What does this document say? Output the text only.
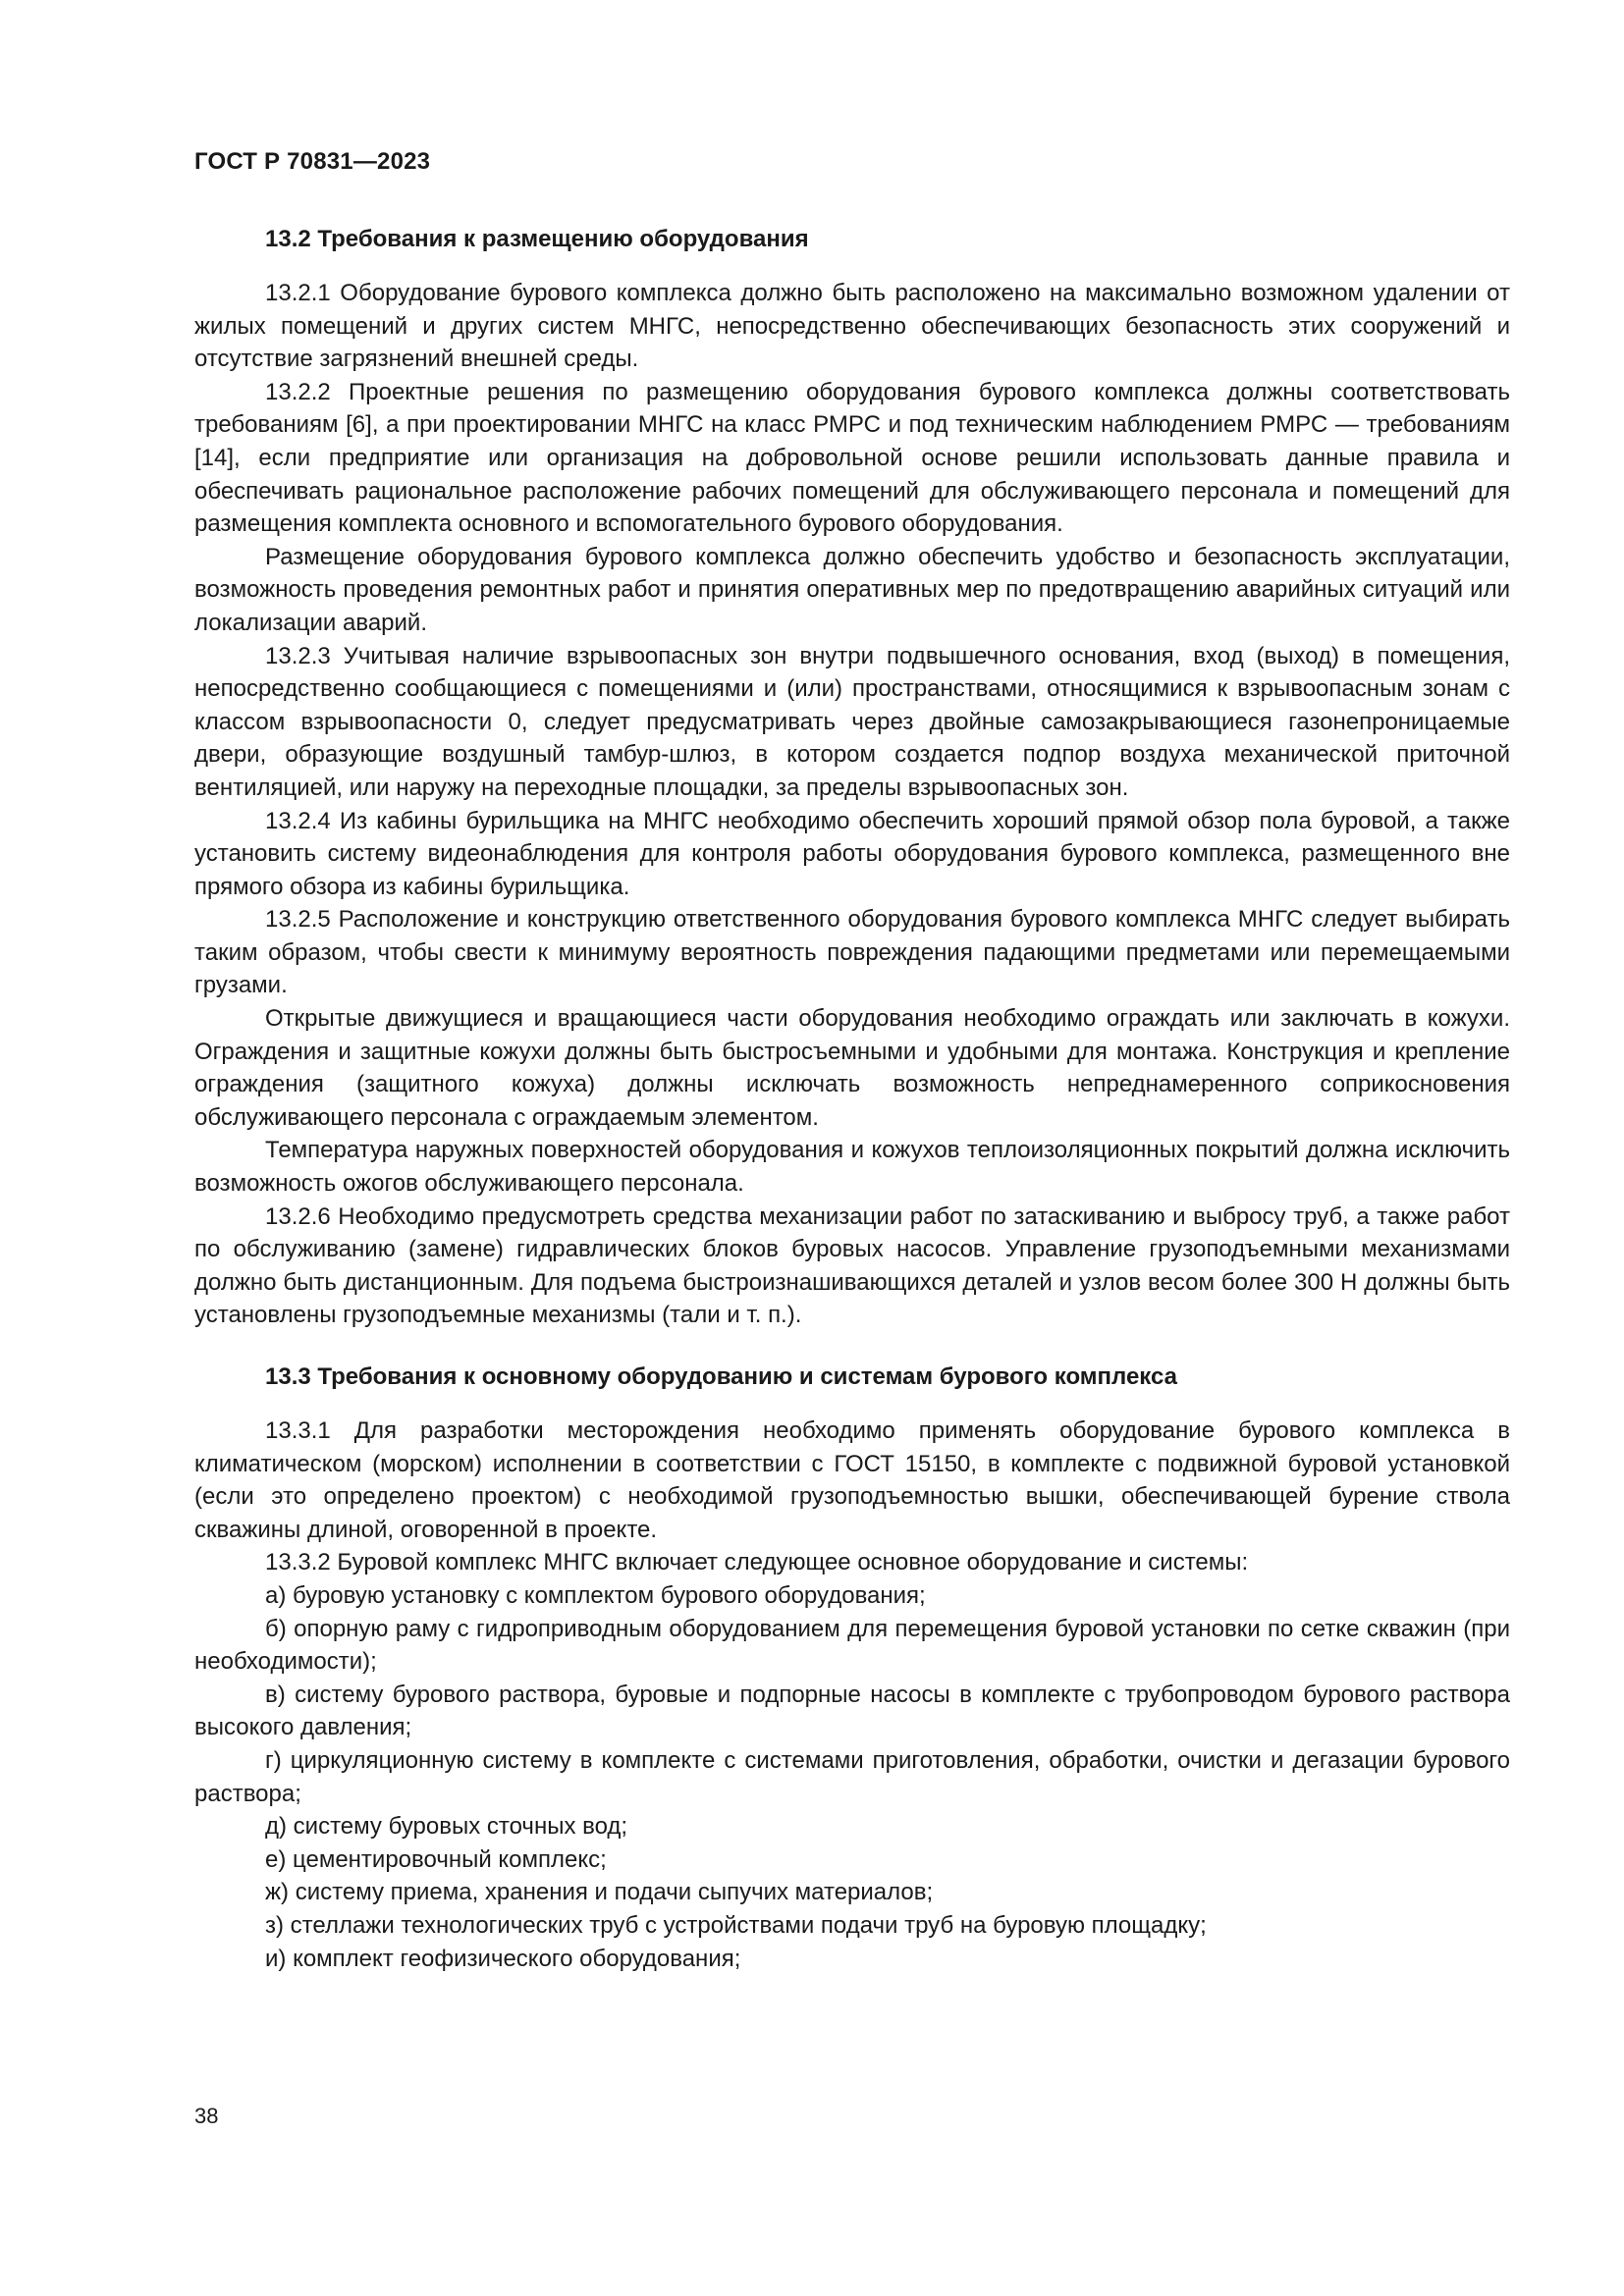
ГОСТ Р 70831—2023
13.2 Требования к размещению оборудования

13.2.1 Оборудование бурового комплекса должно быть расположено на максимально возможном удалении от жилых помещений и других систем МНГС, непосредственно обеспечивающих безопасность этих сооружений и отсутствие загрязнений внешней среды.

13.2.2 Проектные решения по размещению оборудования бурового комплекса должны соответствовать требованиям [6], а при проектировании МНГС на класс РМРС и под техническим наблюдением РМРС — требованиям [14], если предприятие или организация на добровольной основе решили использовать данные правила и обеспечивать рациональное расположение рабочих помещений для обслуживающего персонала и помещений для размещения комплекта основного и вспомогательного бурового оборудования.

Размещение оборудования бурового комплекса должно обеспечить удобство и безопасность эксплуатации, возможность проведения ремонтных работ и принятия оперативных мер по предотвращению аварийных ситуаций или локализации аварий.

13.2.3 Учитывая наличие взрывоопасных зон внутри подвышечного основания, вход (выход) в помещения, непосредственно сообщающиеся с помещениями и (или) пространствами, относящимися к взрывоопасным зонам с классом взрывоопасности 0, следует предусматривать через двойные самозакрывающиеся газонепроницаемые двери, образующие воздушный тамбур-шлюз, в котором создается подпор воздуха механической приточной вентиляцией, или наружу на переходные площадки, за пределы взрывоопасных зон.

13.2.4 Из кабины бурильщика на МНГС необходимо обеспечить хороший прямой обзор пола буровой, а также установить систему видеонаблюдения для контроля работы оборудования бурового комплекса, размещенного вне прямого обзора из кабины бурильщика.

13.2.5 Расположение и конструкцию ответственного оборудования бурового комплекса МНГС следует выбирать таким образом, чтобы свести к минимуму вероятность повреждения падающими предметами или перемещаемыми грузами.

Открытые движущиеся и вращающиеся части оборудования необходимо ограждать или заключать в кожухи. Ограждения и защитные кожухи должны быть быстросъемными и удобными для монтажа. Конструкция и крепление ограждения (защитного кожуха) должны исключать возможность непреднамеренного соприкосновения обслуживающего персонала с ограждаемым элементом.

Температура наружных поверхностей оборудования и кожухов теплоизоляционных покрытий должна исключить возможность ожогов обслуживающего персонала.

13.2.6 Необходимо предусмотреть средства механизации работ по затаскиванию и выбросу труб, а также работ по обслуживанию (замене) гидравлических блоков буровых насосов. Управление грузоподъемными механизмами должно быть дистанционным. Для подъема быстроизнашивающихся деталей и узлов весом более 300 Н должны быть установлены грузоподъемные механизмы (тали и т. п.).

13.3 Требования к основному оборудованию и системам бурового комплекса

13.3.1 Для разработки месторождения необходимо применять оборудование бурового комплекса в климатическом (морском) исполнении в соответствии с ГОСТ 15150, в комплекте с подвижной буровой установкой (если это определено проектом) с необходимой грузоподъемностью вышки, обеспечивающей бурение ствола скважины длиной, оговоренной в проекте.

13.3.2 Буровой комплекс МНГС включает следующее основное оборудование и системы:

а) буровую установку с комплектом бурового оборудования;

б) опорную раму с гидроприводным оборудованием для перемещения буровой установки по сетке скважин (при необходимости);

в) систему бурового раствора, буровые и подпорные насосы в комплекте с трубопроводом бурового раствора высокого давления;

г) циркуляционную систему в комплекте с системами приготовления, обработки, очистки и дегазации бурового раствора;

д) систему буровых сточных вод;

е) цементировочный комплекс;

ж) систему приема, хранения и подачи сыпучих материалов;

з) стеллажи технологических труб с устройствами подачи труб на буровую площадку;

и) комплект геофизического оборудования;

38
